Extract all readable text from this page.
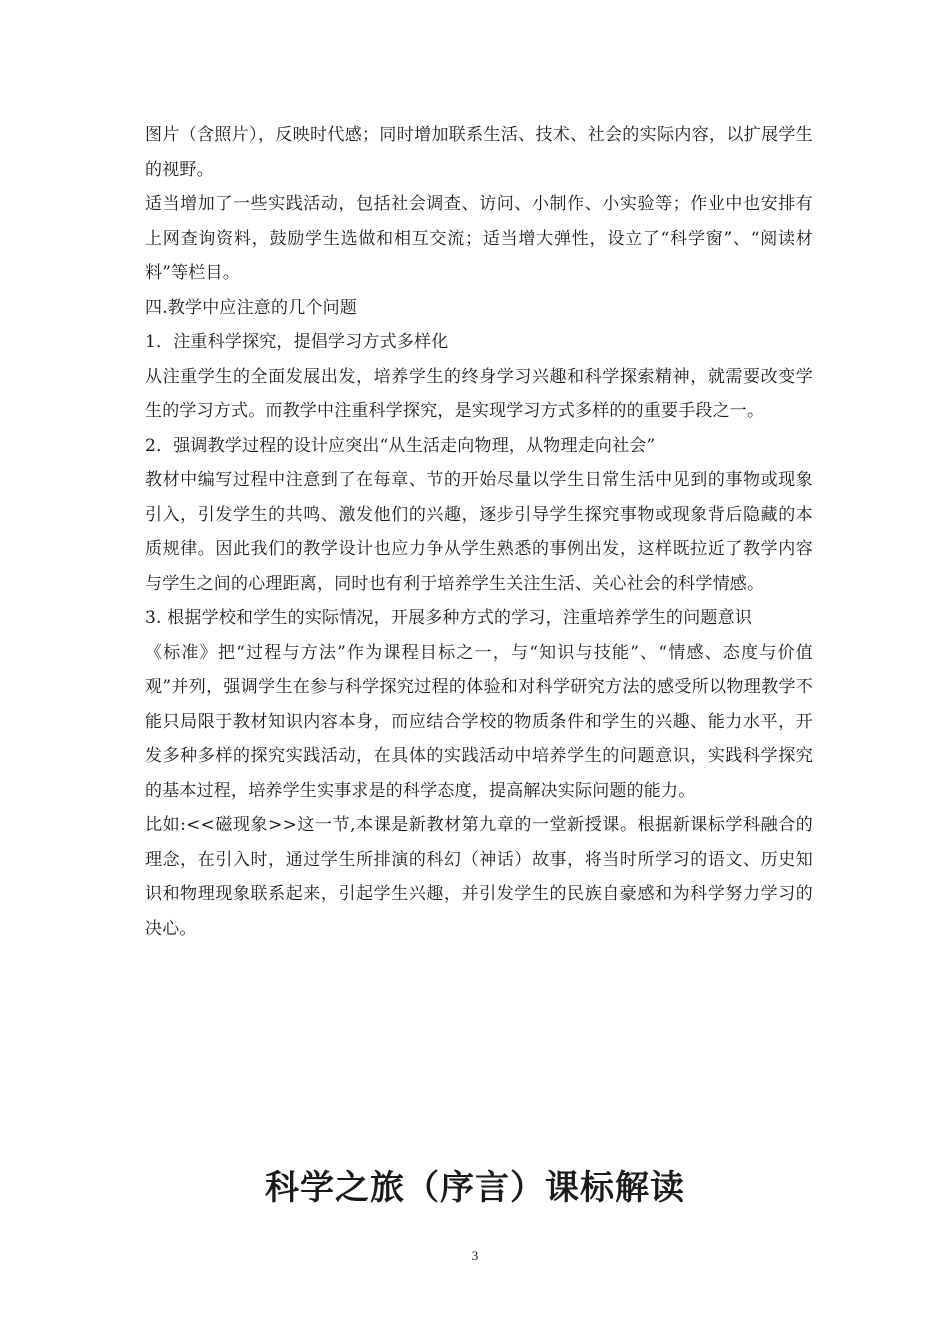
图片（含照片），反映时代感；同时增加联系生活、技术、社会的实际内容，以扩展学生的视野。

适当增加了一些实践活动，包括社会调查、访问、小制作、小实验等；作业中也安排有上网查询资料，鼓励学生选做和相互交流；适当增大弹性，设立了“科学窗”、“阅读材料”等栏目。

四.教学中应注意的几个问题

1．注重科学探究，提倡学习方式多样化

从注重学生的全面发展出发，培养学生的终身学习兴趣和科学探索精神，就需要改变学生的学习方式。而教学中注重科学探究，是实现学习方式多样的的重要手段之一。

2．强调教学过程的设计应突出“从生活走向物理，从物理走向社会”

教材中编写过程中注意到了在每章、节的开始尽量以学生日常生活中见到的事物或现象引入，引发学生的共鸣、激发他们的兴趣，逐步引导学生探究事物或现象背后隐藏的本质规律。因此我们的教学设计也应力争从学生熟悉的事例出发，这样既拉近了教学内容与学生之间的心理距离，同时也有利于培养学生关注生活、关心社会的科学情感。

3. 根据学校和学生的实际情况，开展多种方式的学习，注重培养学生的问题意识

《标准》把“过程与方法”作为课程目标之一，与“知识与技能”、“情感、态度与价值观”并列，强调学生在参与科学探究过程的体验和对科学研究方法的感受所以物理教学不能只局限于教材知识内容本身，而应结合学校的物质条件和学生的兴趣、能力水平，开发多种多样的探究实践活动，在具体的实践活动中培养学生的问题意识，实践科学探究的基本过程，培养学生实事求是的科学态度，提高解决实际问题的能力。

比如:<<磁现象>>这一节,本课是新教材第九章的一堂新授课。根据新课标学科融合的理念，在引入时，通过学生所排演的科幻（神话）故事，将当时所学习的语文、历史知识和物理现象联系起来，引起学生兴趣，并引发学生的民族自豪感和为科学努力学习的决心。

科学之旅（序言）课标解读
3
